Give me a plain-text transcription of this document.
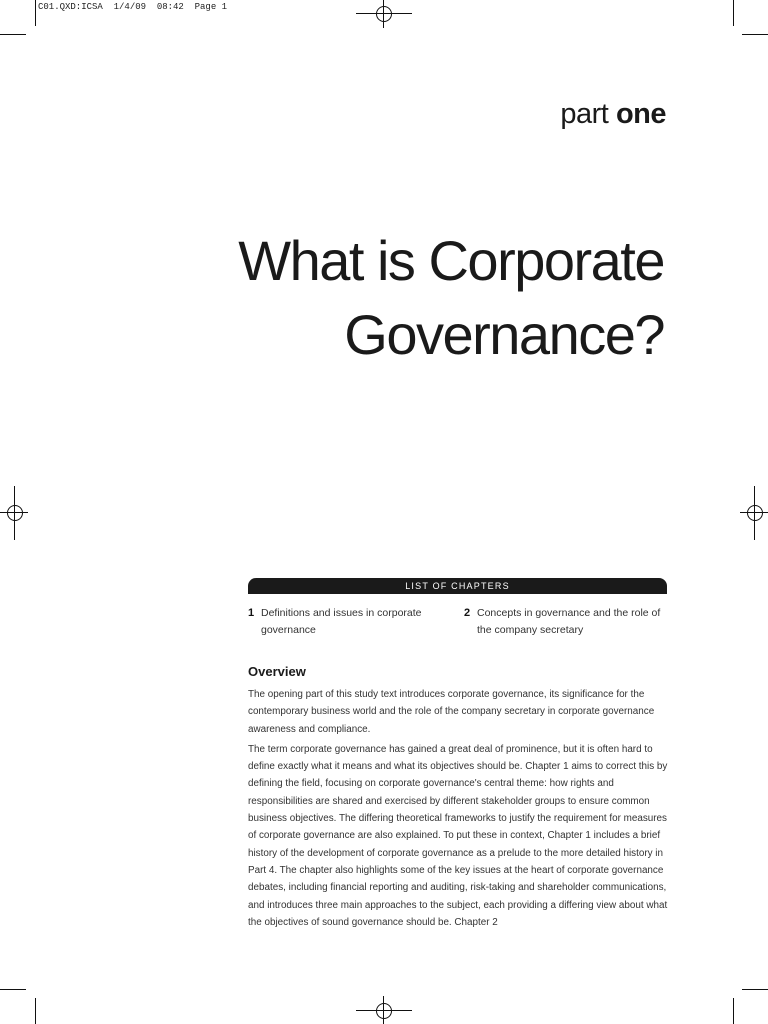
C01.QXD:ICSA  1/4/09  08:42  Page 1
part one
What is Corporate
Governance?
LIST OF CHAPTERS
1 Definitions and issues in corporate governance
2 Concepts in governance and the role of the company secretary
Overview

The opening part of this study text introduces corporate governance, its significance for the contemporary business world and the role of the company secretary in corporate governance awareness and compliance.

The term corporate governance has gained a great deal of prominence, but it is often hard to define exactly what it means and what its objectives should be. Chapter 1 aims to correct this by defining the field, focusing on corporate governance's central theme: how rights and responsibilities are shared and exercised by different stakeholder groups to ensure common business objectives. The differing theoretical frameworks to justify the requirement for measures of corporate governance are also explained. To put these in context, Chapter 1 includes a brief history of the development of corporate governance as a prelude to the more detailed history in Part 4. The chapter also highlights some of the key issues at the heart of corporate governance debates, including financial reporting and auditing, risk-taking and shareholder communications, and introduces three main approaches to the subject, each providing a differing view about what the objectives of sound governance should be. Chapter 2
